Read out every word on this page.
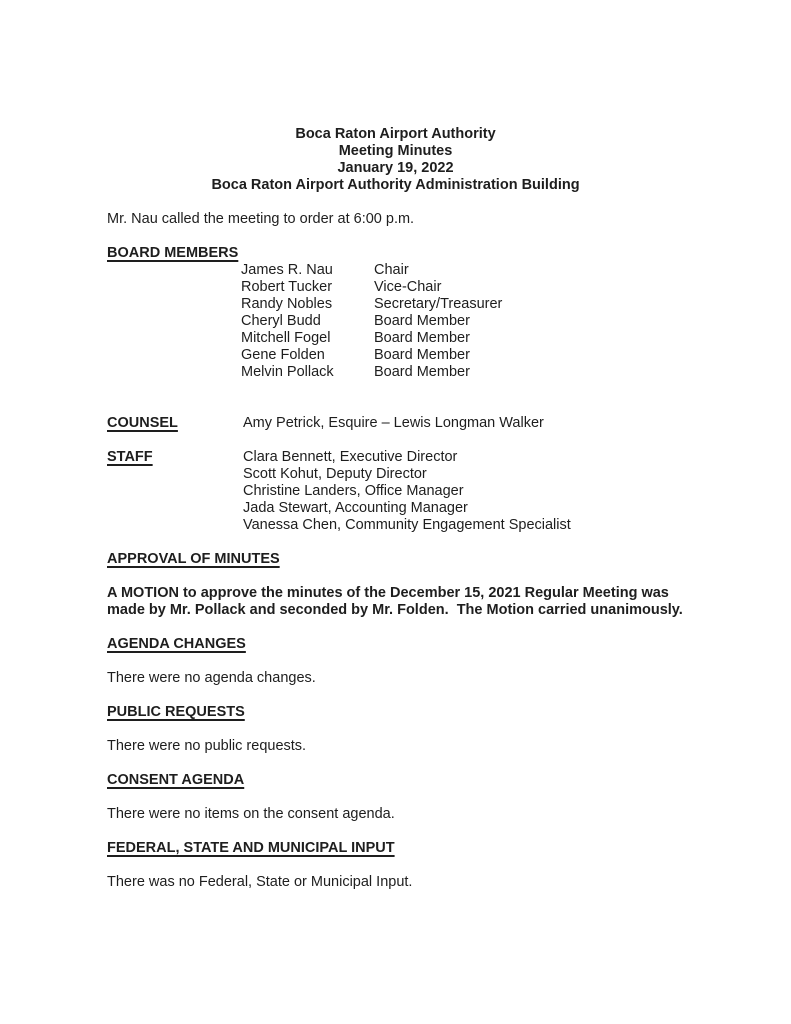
Boca Raton Airport Authority
Meeting Minutes
January 19, 2022
Boca Raton Airport Authority Administration Building

Mr. Nau called the meeting to order at 6:00 p.m.

BOARD MEMBERS
James R. Nau	Chair
Robert Tucker	Vice-Chair
Randy Nobles	Secretary/Treasurer
Cheryl Budd	Board Member
Mitchell Fogel	Board Member
Gene Folden	Board Member
Melvin Pollack	Board Member
COUNSEL	Amy Petrick, Esquire – Lewis Longman Walker
STAFF	Clara Bennett, Executive Director
Scott Kohut, Deputy Director
Christine Landers, Office Manager
Jada Stewart, Accounting Manager
Vanessa Chen, Community Engagement Specialist
APPROVAL OF MINUTES

A MOTION to approve the minutes of the December 15, 2021 Regular Meeting was made by Mr. Pollack and seconded by Mr. Folden.  The Motion carried unanimously.

AGENDA CHANGES

There were no agenda changes.

PUBLIC REQUESTS

There were no public requests.

CONSENT AGENDA

There were no items on the consent agenda.

FEDERAL, STATE AND MUNICIPAL INPUT

There was no Federal, State or Municipal Input.
